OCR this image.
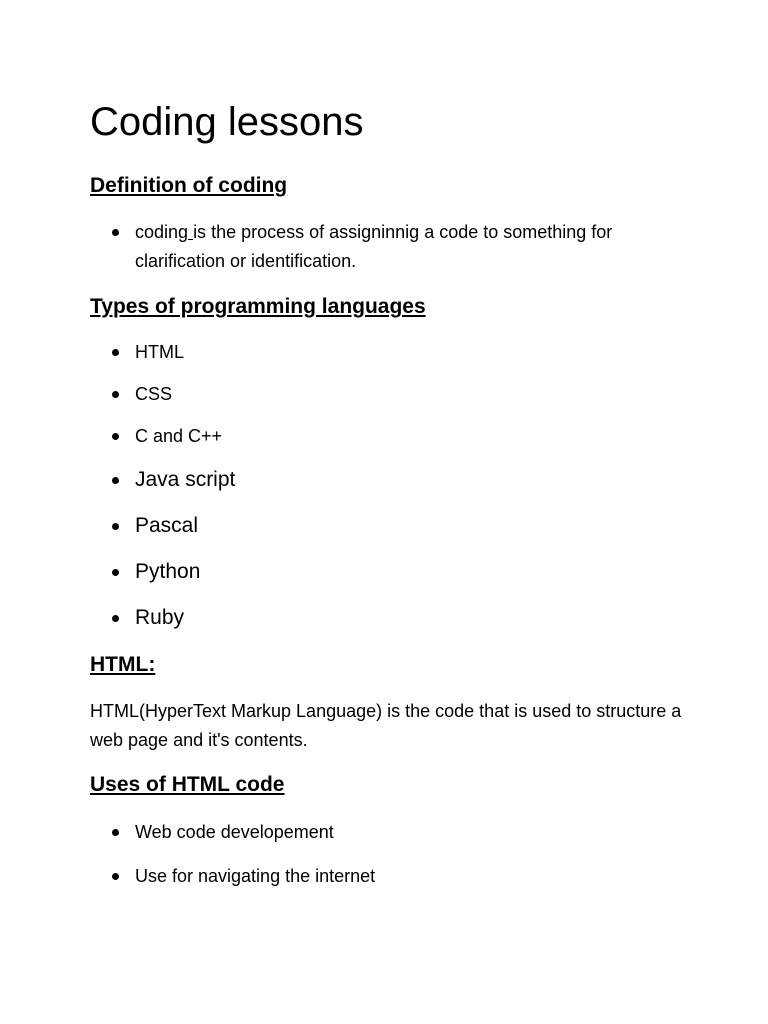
Coding lessons
Definition of coding
coding is the process of assigninnig a code to something for clarification or identification.
Types of programming languages
HTML
CSS
C and C++
Java script
Pascal
Python
Ruby
HTML:

HTML(HyperText Markup Language) is the code that is used to structure a web page and it's contents.

Uses of HTML code
Web code developement
Use for navigating the internet
